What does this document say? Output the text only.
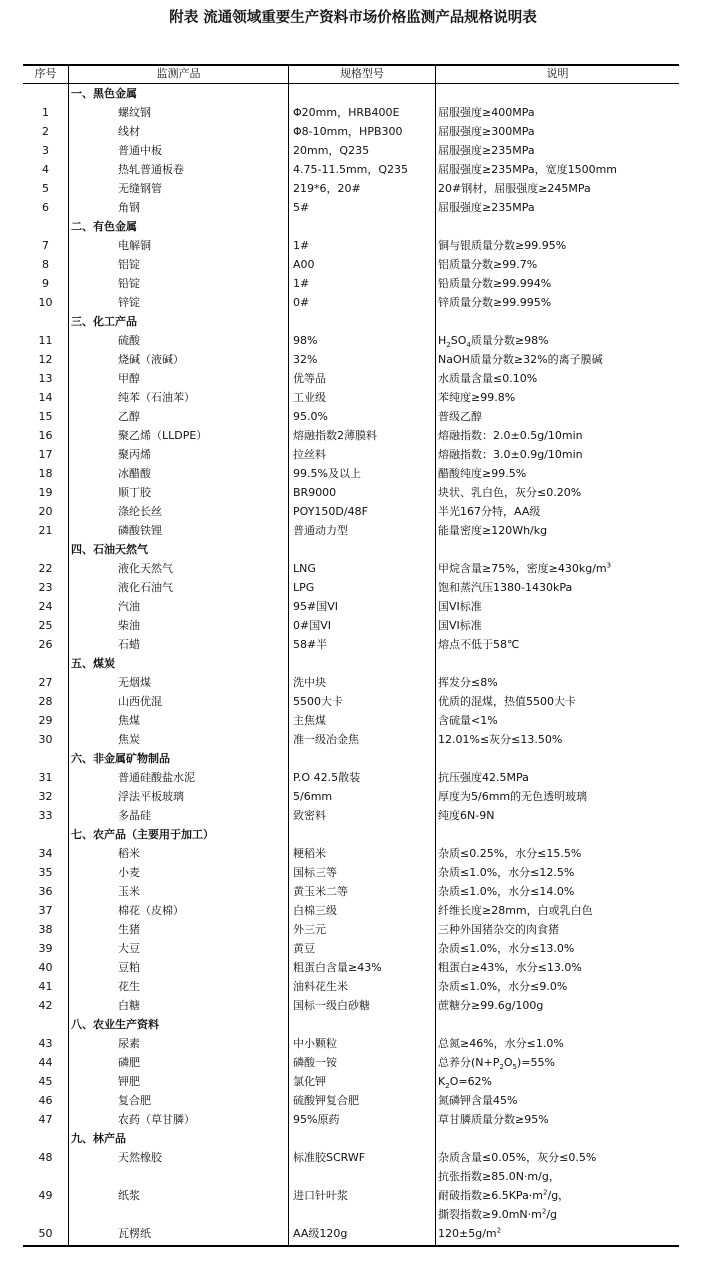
附表 流通领域重要生产资料市场价格监测产品规格说明表
序号	监测产品	规格型号	说明
一、黑色金属
1	螺纹钢	Φ20mm，HRB400E	屈服强度≥400MPa
2	线材	Φ8-10mm，HPB300	屈服强度≥300MPa
3	普通中板	20mm，Q235	屈服强度≥235MPa
4	热轧普通板卷	4.75-11.5mm，Q235	屈服强度≥235MPa，宽度1500mm
5	无缝钢管	219*6，20#	20#钢材，屈服强度≥245MPa
6	角钢	5#	屈服强度≥235MPa
二、有色金属
7	电解铜	1#	铜与银质量分数≥99.95%
8	铝锭	A00	铝质量分数≥99.7%
9	铅锭	1#	铅质量分数≥99.994%
10	锌锭	0#	锌质量分数≥99.995%
三、化工产品
11	硫酸	98%	$H_2SO_4$质量分数≥98%
12	烧碱（液碱）	32%	NaOH质量分数≥32%的离子膜碱
13	甲醇	优等品	水质量含量≤0.10%
14	纯苯（石油苯）	工业级	苯纯度≥99.8%
15	乙醇	95.0%	普级乙醇
16	聚乙烯（LLDPE）	熔融指数2薄膜料	熔融指数：2.0±0.5g/10min
17	聚丙烯	拉丝料	熔融指数：3.0±0.9g/10min
18	冰醋酸	99.5%及以上	醋酸纯度≥99.5%
19	顺丁胶	BR9000	块状、乳白色，灰分≤0.20%
20	涤纶长丝	POY150D/48F	半光167分特，AA级
21	磷酸铁锂	普通动力型	能量密度≥120Wh/kg
四、石油天然气
22	液化天然气	LNG	甲烷含量≥75%，密度$\ge 430kg/m^3$
23	液化石油气	LPG	饱和蒸汽压1380-1430kPa
24	汽油	95#国VI	国VI标准
25	柴油	0#国VI	国VI标准
26	石蜡	58#半	熔点不低于58℃
五、煤炭
27	无烟煤	洗中块	挥发分≤8%
28	山西优混	5500大卡	优质的混煤，热值5500大卡
29	焦煤	主焦煤	含硫量<1%
30	焦炭	准一级冶金焦	12.01%≤灰分≤13.50%
六、非金属矿物制品
31	普通硅酸盐水泥	P.O 42.5散装	抗压强度42.5MPa
32	浮法平板玻璃	5/6mm	厚度为5/6mm的无色透明玻璃
33	多晶硅	致密料	纯度6N-9N
七、农产品（主要用于加工）
34	稻米	粳稻米	杂质≤0.25%，水分≤15.5%
35	小麦	国标三等	杂质≤1.0%，水分≤12.5%
36	玉米	黄玉米二等	杂质≤1.0%，水分≤14.0%
37	棉花（皮棉）	白棉三级	纤维长度≥28mm，白或乳白色
38	生猪	外三元	三种外国猪杂交的肉食猪
39	大豆	黄豆	杂质≤1.0%，水分≤13.0%
40	豆粕	粗蛋白含量≥43%	粗蛋白≥43%，水分≤13.0%
41	花生	油料花生米	杂质≤1.0%，水分≤9.0%
42	白糖	国标一级白砂糖	蔗糖分≥99.6g/100g
八、农业生产资料
43	尿素	中小颗粒	总氮≥46%，水分≤1.0%
44	磷肥	磷酸一铵	总养分$(N+P_2O_5)=55\%$
45	钾肥	氯化钾	$K_2O=62\%$
46	复合肥	硫酸钾复合肥	氮磷钾含量45%
47	农药（草甘膦）	95%原药	草甘膦质量分数≥95%
九、林产品
48	天然橡胶	标准胶SCRWF	杂质含量≤0.05%，灰分≤0.5%
49	纸浆	进口针叶浆
抗张指数≥85.0N·m/g，
耐破指数$\ge 6.5KPa\cdot m^2/g$，
撕裂指数$\ge 9.0mN\cdot m^2/g$
50	瓦楞纸	AA级120g	$120\pm 5g/m^2$
